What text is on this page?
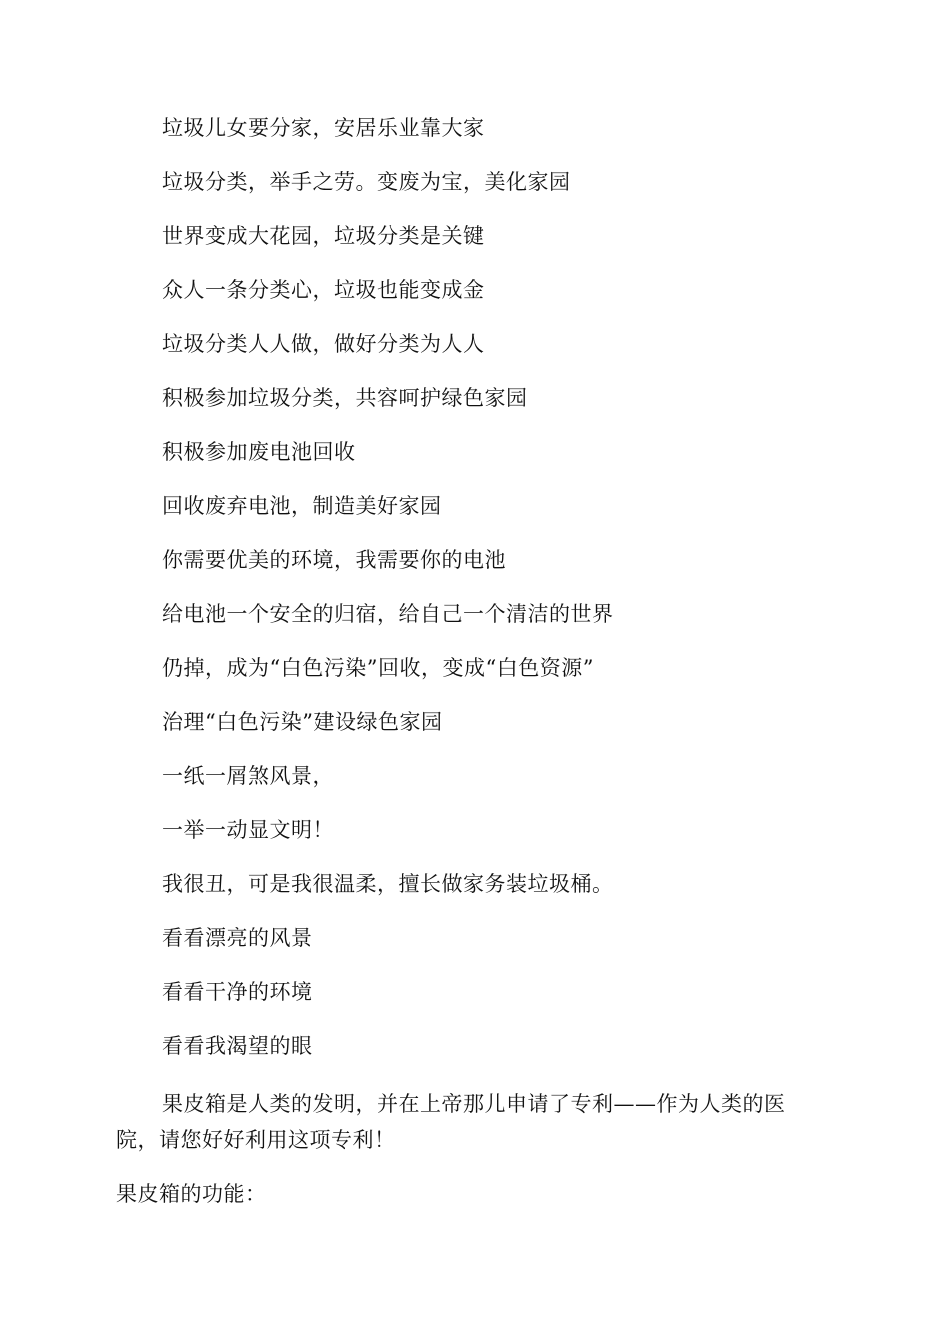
垃圾儿女要分家，安居乐业靠大家
垃圾分类，举手之劳。变废为宝，美化家园
世界变成大花园，垃圾分类是关键
众人一条分类心，垃圾也能变成金
垃圾分类人人做，做好分类为人人
积极参加垃圾分类，共容呵护绿色家园
积极参加废电池回收
回收废弃电池，制造美好家园
你需要优美的环境，我需要你的电池
给电池一个安全的归宿，给自己一个清洁的世界
仍掉，成为“白色污染”回收，变成“白色资源”
治理“白色污染”建设绿色家园
一纸一屑煞风景，
一举一动显文明！
我很丑，可是我很温柔，擅长做家务装垃圾桶。
看看漂亮的风景
看看干净的环境
看看我渴望的眼
果皮箱是人类的发明，并在上帝那儿申请了专利——作为人类的医院，请您好好利用这项专利！
果皮箱的功能：
